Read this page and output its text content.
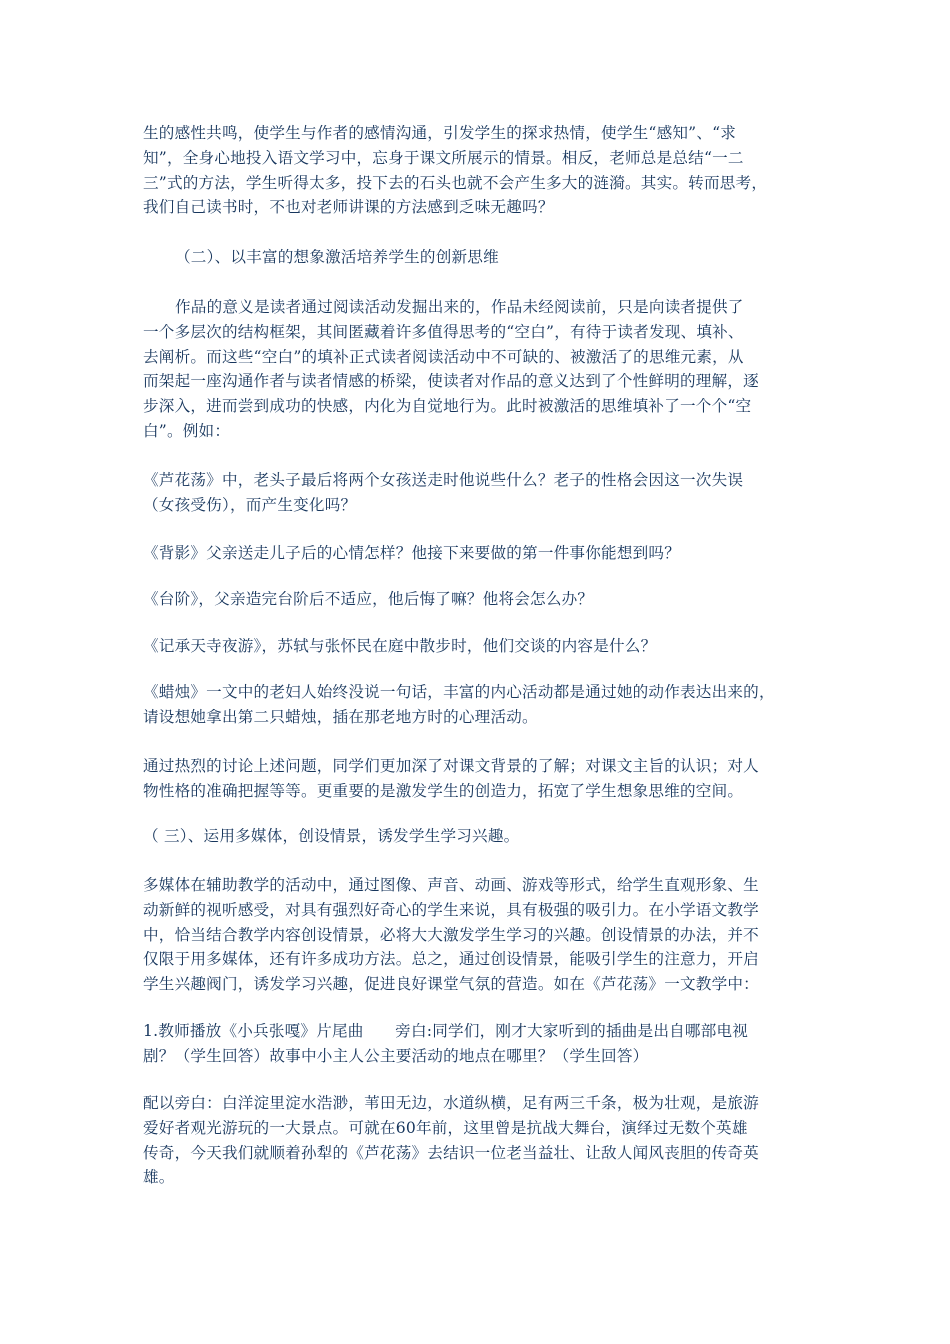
生的感性共鸣，使学生与作者的感情沟通，引发学生的探求热情，使学生“感知”、“求
知”，全身心地投入语文学习中，忘身于课文所展示的情景。相反，老师总是总结“一二
三”式的方法，学生听得太多，投下去的石头也就不会产生多大的涟漪。其实。转而思考，
我们自己读书时，不也对老师讲课的方法感到乏味无趣吗？

（二）、以丰富的想象激活培养学生的创新思维

作品的意义是读者通过阅读活动发掘出来的，作品未经阅读前，只是向读者提供了
一个多层次的结构框架，其间匿藏着许多值得思考的“空白”，有待于读者发现、填补、
去阐析。而这些“空白”的填补正式读者阅读活动中不可缺的、被激活了的思维元素，从
而架起一座沟通作者与读者情感的桥梁，使读者对作品的意义达到了个性鲜明的理解，逐
步深入，进而尝到成功的快感，内化为自觉地行为。此时被激活的思维填补了一个个“空
白”。例如：

《芦花荡》中，老头子最后将两个女孩送走时他说些什么？老子的性格会因这一次失误
（女孩受伤），而产生变化吗？

《背影》父亲送走儿子后的心情怎样？他接下来要做的第一件事你能想到吗？

《台阶》，父亲造完台阶后不适应，他后悔了嘛？他将会怎么办？

《记承天寺夜游》，苏轼与张怀民在庭中散步时，他们交谈的内容是什么？

《蜡烛》一文中的老妇人始终没说一句话，丰富的内心活动都是通过她的动作表达出来的，
请设想她拿出第二只蜡烛，插在那老地方时的心理活动。

通过热烈的讨论上述问题，同学们更加深了对课文背景的了解；对课文主旨的认识；对人
物性格的准确把握等等。更重要的是激发学生的创造力，拓宽了学生想象思维的空间。

（ 三）、运用多媒体，创设情景，诱发学生学习兴趣。

多媒体在辅助教学的活动中，通过图像、声音、动画、游戏等形式，给学生直观形象、生
动新鲜的视听感受，对具有强烈好奇心的学生来说，具有极强的吸引力。在小学语文教学
中，恰当结合教学内容创设情景，必将大大激发学生学习的兴趣。创设情景的办法，并不
仅限于用多媒体，还有许多成功方法。总之，通过创设情景，能吸引学生的注意力，开启
学生兴趣阀门，诱发学习兴趣，促进良好课堂气氛的营造。如在《芦花荡》一文教学中：

1.教师播放《小兵张嘎》片尾曲　　旁白:同学们，刚才大家听到的插曲是出自哪部电视
剧？（学生回答）故事中小主人公主要活动的地点在哪里？（学生回答）

配以旁白：白洋淀里淀水浩渺，苇田无边，水道纵横，足有两三千条，极为壮观，是旅游
爱好者观光游玩的一大景点。可就在60年前，这里曾是抗战大舞台，演绎过无数个英雄
传奇，今天我们就顺着孙犁的《芦花荡》去结识一位老当益壮、让敌人闻风丧胆的传奇英
雄。
